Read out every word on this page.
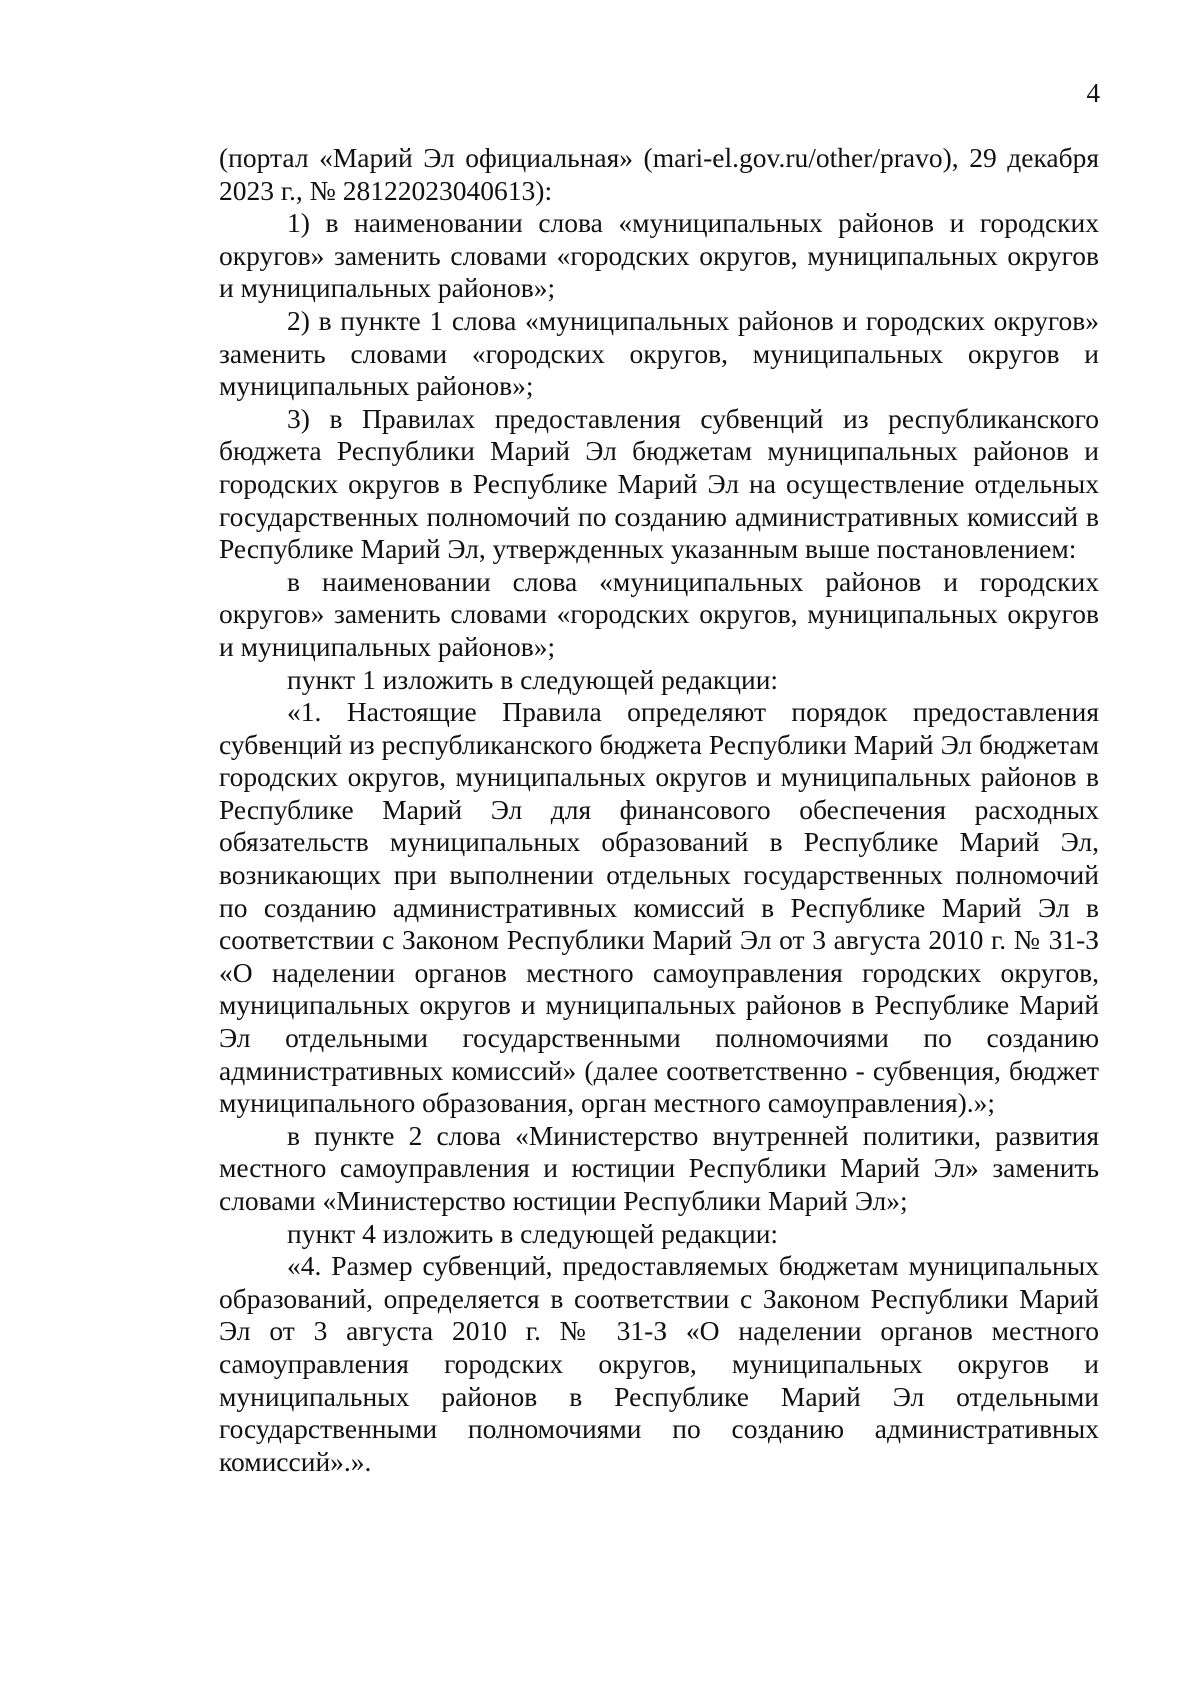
4

(портал «Марий Эл официальная» (mari-el.gov.ru/other/pravo), 29 декабря 2023 г., № 28122023040613):

1) в наименовании слова «муниципальных районов и городских округов» заменить словами «городских округов, муниципальных округов и муниципальных районов»;

2) в пункте 1 слова «муниципальных районов и городских округов» заменить словами «городских округов, муниципальных округов и муниципальных районов»;

3) в Правилах предоставления субвенций из республиканского бюджета Республики Марий Эл бюджетам муниципальных районов и городских округов в Республике Марий Эл на осуществление отдельных государственных полномочий по созданию административных комиссий в Республике Марий Эл, утвержденных указанным выше постановлением:

в наименовании слова «муниципальных районов и городских округов» заменить словами «городских округов, муниципальных округов и муниципальных районов»;

пункт 1 изложить в следующей редакции:

«1. Настоящие Правила определяют порядок предоставления субвенций из республиканского бюджета Республики Марий Эл бюджетам городских округов, муниципальных округов и муниципальных районов в Республике Марий Эл для финансового обеспечения расходных обязательств муниципальных образований в Республике Марий Эл, возникающих при выполнении отдельных государственных полномочий по созданию административных комиссий в Республике Марий Эл в соответствии с Законом Республики Марий Эл от 3 августа 2010 г. № 31-З «О наделении органов местного самоуправления городских округов, муниципальных округов и муниципальных районов в Республике Марий Эл отдельными государственными полномочиями по созданию административных комиссий» (далее соответственно - субвенция, бюджет муниципального образования, орган местного самоуправления).»;

в пункте 2 слова «Министерство внутренней политики, развития местного самоуправления и юстиции Республики Марий Эл» заменить словами «Министерство юстиции Республики Марий Эл»;

пункт 4 изложить в следующей редакции:

«4. Размер субвенций, предоставляемых бюджетам муниципальных образований, определяется в соответствии с Законом Республики Марий Эл от 3 августа 2010 г. № 31-З «О наделении органов местного самоуправления городских округов, муниципальных округов и муниципальных районов в Республике Марий Эл отдельными государственными полномочиями по созданию административных комиссий».».
